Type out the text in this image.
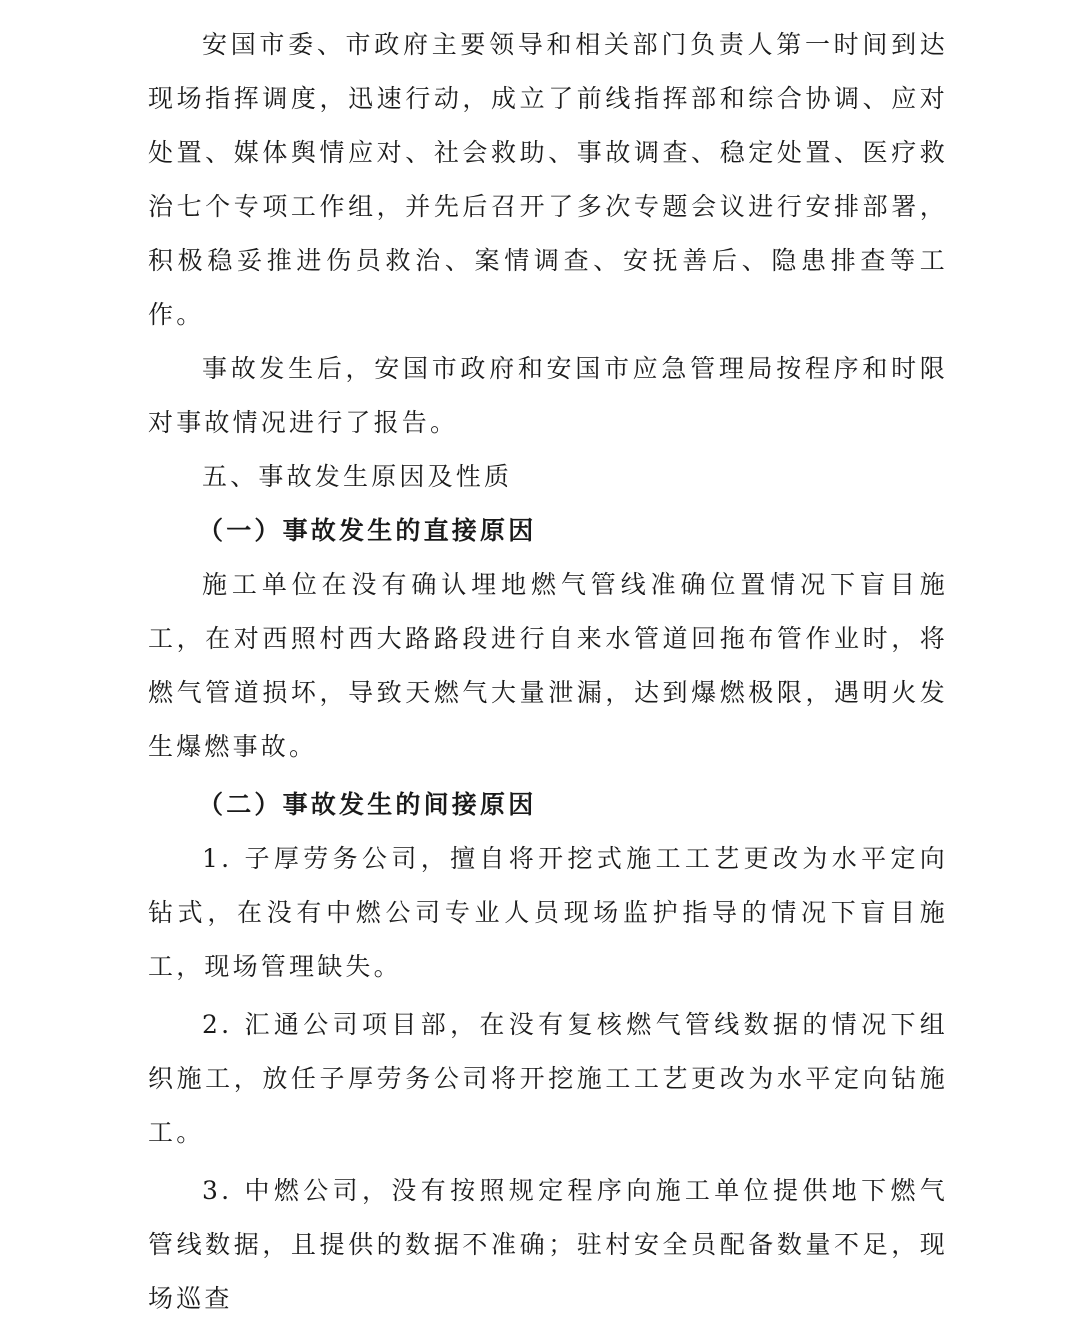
安国市委、市政府主要领导和相关部门负责人第一时间到达现场指挥调度，迅速行动，成立了前线指挥部和综合协调、应对处置、媒体舆情应对、社会救助、事故调查、稳定处置、医疗救治七个专项工作组，并先后召开了多次专题会议进行安排部署，积极稳妥推进伤员救治、案情调查、安抚善后、隐患排查等工作。

事故发生后，安国市政府和安国市应急管理局按程序和时限对事故情况进行了报告。

五、事故发生原因及性质

（一）事故发生的直接原因

施工单位在没有确认埋地燃气管线准确位置情况下盲目施工，在对西照村西大路路段进行自来水管道回拖布管作业时，将燃气管道损坏，导致天燃气大量泄漏，达到爆燃极限，遇明火发生爆燃事故。

（二）事故发生的间接原因

1. 子厚劳务公司，擅自将开挖式施工工艺更改为水平定向钻式，在没有中燃公司专业人员现场监护指导的情况下盲目施工，现场管理缺失。

2. 汇通公司项目部，在没有复核燃气管线数据的情况下组织施工，放任子厚劳务公司将开挖施工工艺更改为水平定向钻施工。

3. 中燃公司，没有按照规定程序向施工单位提供地下燃气管线数据，且提供的数据不准确；驻村安全员配备数量不足，现场巡查
